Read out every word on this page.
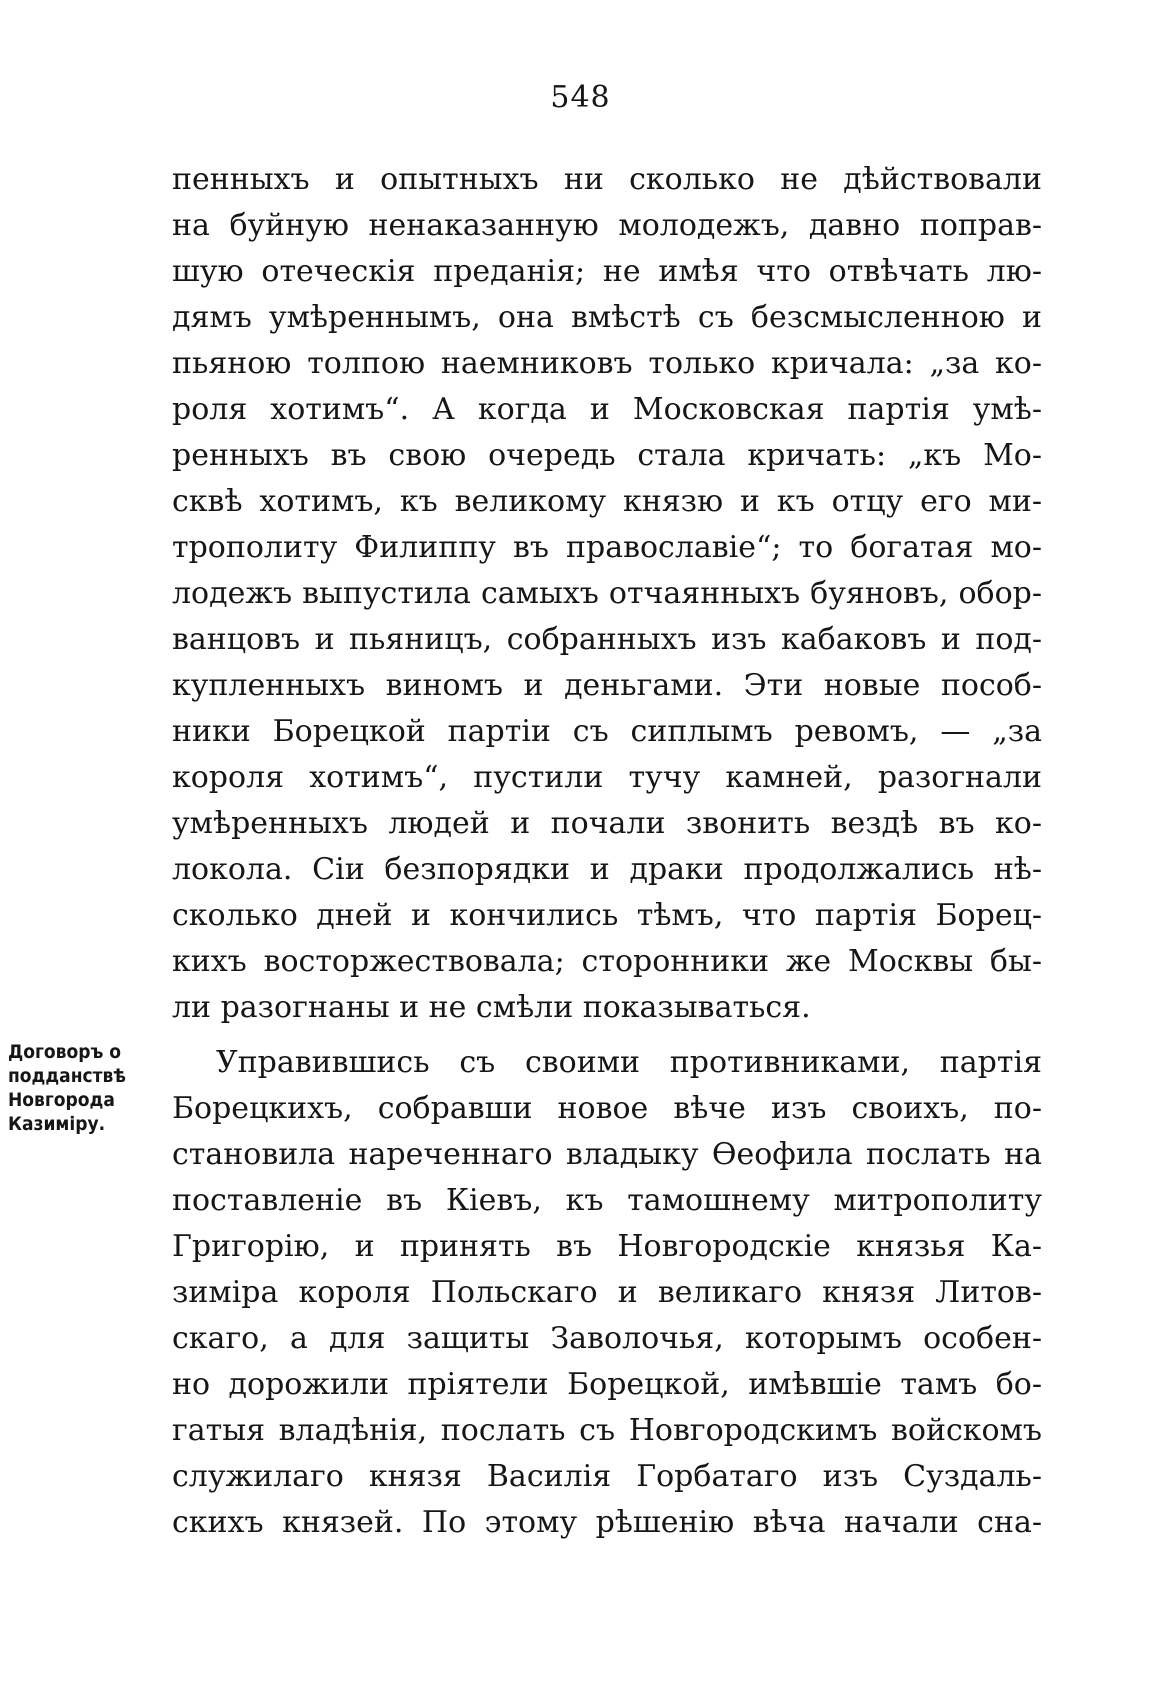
548
Договоръ о
подданствѣ
Новгорода
Казиміру.
пенныхъ и опытныхъ ни сколько не дѣйствовали
на буйную ненаказанную молодежъ, давно поправ-
шую отеческія преданія; не имѣя что отвѣчать лю-
дямъ умѣреннымъ, она вмѣстѣ съ безсмысленною и
пьяною толпою наемниковъ только кричала: „за ко-
роля хотимъ“. А когда и Московская партія умѣ-
ренныхъ въ свою очередь стала кричать: „къ Мо-
сквѣ хотимъ, къ великому князю и къ отцу его ми-
трополиту Филиппу въ православіе“; то богатая мо-
лодежъ выпустила самыхъ отчаянныхъ буяновъ, обор-
ванцовъ и пьяницъ, собранныхъ изъ кабаковъ и под-
купленныхъ виномъ и деньгами. Эти новые пособ-
ники Борецкой партіи съ сиплымъ ревомъ, — „за
короля хотимъ“, пустили тучу камней, разогнали
умѣренныхъ людей и почали звонить вездѣ въ ко-
локола. Сіи безпорядки и драки продолжались нѣ-
сколько дней и кончились тѣмъ, что партія Борец-
кихъ восторжествовала; сторонники же Москвы бы-
ли разогнаны и не смѣли показываться.
Управившись съ своими противниками, партія
Борецкихъ, собравши новое вѣче изъ своихъ, по-
становила нареченнаго владыку Ѳеофила послать на
поставленіе въ Кіевъ, къ тамошнему митрополиту
Григорію, и принять въ Новгородскіе князья Ка-
зиміра короля Польскаго и великаго князя Литов-
скаго, а для защиты Заволочья, которымъ особен-
но дорожили пріятели Борецкой, имѣвшіе тамъ бо-
гатыя владѣнія, послать съ Новгородскимъ войскомъ
служилаго князя Василія Горбатаго изъ Суздаль-
скихъ князей. По этому рѣшенію вѣча начали сна-
